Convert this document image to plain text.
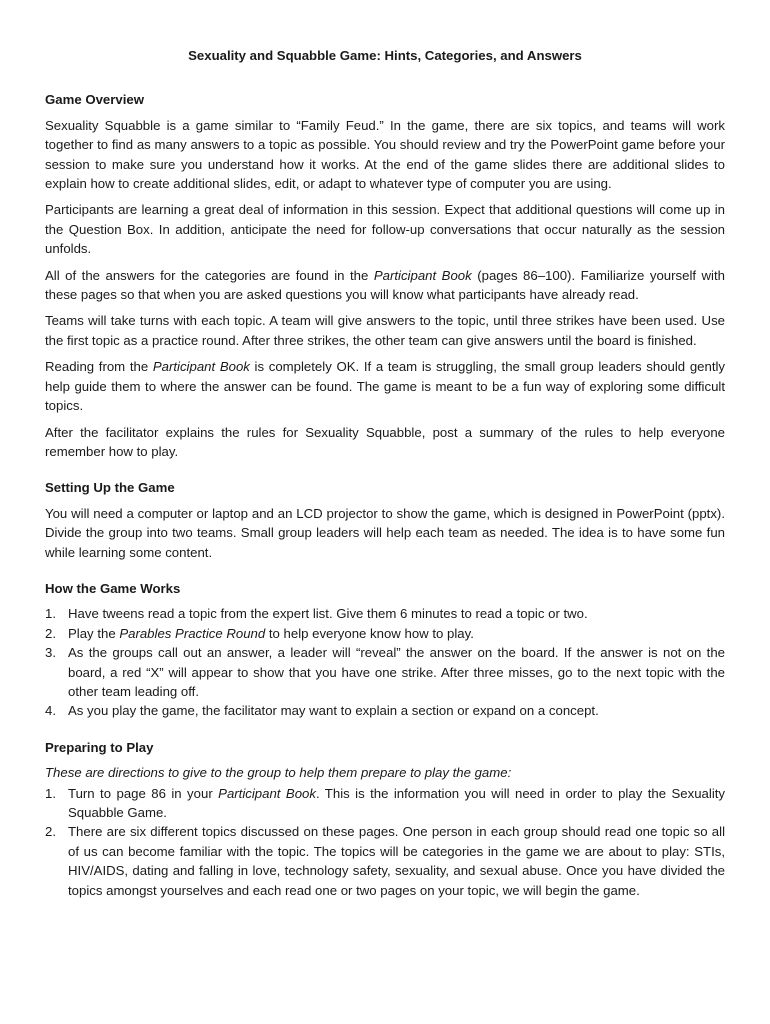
Sexuality and Squabble Game: Hints, Categories, and Answers
Game Overview

Sexuality Squabble is a game similar to “Family Feud.” In the game, there are six topics, and teams will work together to find as many answers to a topic as possible. You should review and try the PowerPoint game before your session to make sure you understand how it works. At the end of the game slides there are additional slides to explain how to create additional slides, edit, or adapt to whatever type of computer you are using.

Participants are learning a great deal of information in this session. Expect that additional questions will come up in the Question Box. In addition, anticipate the need for follow-up conversations that occur naturally as the session unfolds.

All of the answers for the categories are found in the Participant Book (pages 86–100). Familiarize yourself with these pages so that when you are asked questions you will know what participants have already read.

Teams will take turns with each topic. A team will give answers to the topic, until three strikes have been used. Use the first topic as a practice round. After three strikes, the other team can give answers until the board is finished.

Reading from the Participant Book is completely OK. If a team is struggling, the small group leaders should gently help guide them to where the answer can be found. The game is meant to be a fun way of exploring some difficult topics.

After the facilitator explains the rules for Sexuality Squabble, post a summary of the rules to help everyone remember how to play.

Setting Up the Game

You will need a computer or laptop and an LCD projector to show the game, which is designed in PowerPoint (pptx). Divide the group into two teams. Small group leaders will help each team as needed. The idea is to have some fun while learning some content.

How the Game Works
1. Have tweens read a topic from the expert list. Give them 6 minutes to read a topic or two.
2. Play the Parables Practice Round to help everyone know how to play.
3. As the groups call out an answer, a leader will “reveal” the answer on the board. If the answer is not on the board, a red “X” will appear to show that you have one strike. After three misses, go to the next topic with the other team leading off.
4. As you play the game, the facilitator may want to explain a section or expand on a concept.
Preparing to Play

These are directions to give to the group to help them prepare to play the game:

1. Turn to page 86 in your Participant Book. This is the information you will need in order to play the Sexuality Squabble Game.
2. There are six different topics discussed on these pages. One person in each group should read one topic so all of us can become familiar with the topic. The topics will be categories in the game we are about to play: STIs, HIV/AIDS, dating and falling in love, technology safety, sexuality, and sexual abuse. Once you have divided the topics amongst yourselves and each read one or two pages on your topic, we will begin the game.
